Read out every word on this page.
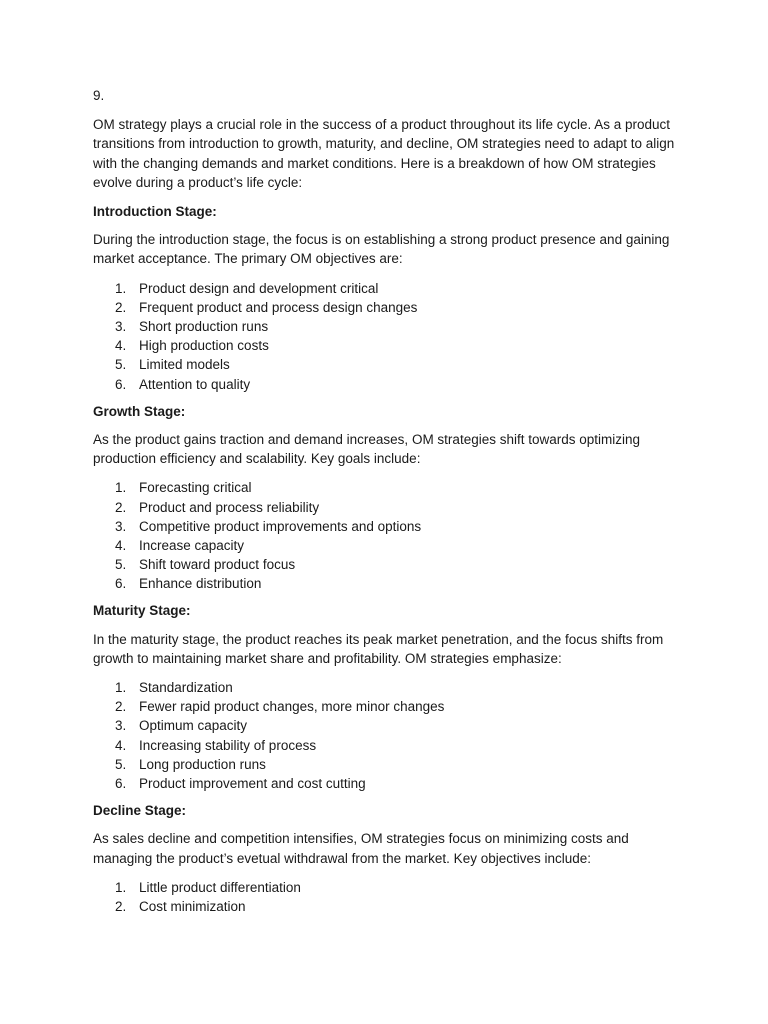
9.

OM strategy plays a crucial role in the success of a product throughout its life cycle. As a product transitions from introduction to growth, maturity, and decline, OM strategies need to adapt to align with the changing demands and market conditions. Here is a breakdown of how OM strategies evolve during a product’s life cycle:

Introduction Stage:

During the introduction stage, the focus is on establishing a strong product presence and gaining market acceptance. The primary OM objectives are:

1. Product design and development critical
2. Frequent product and process design changes
3. Short production runs
4. High production costs
5. Limited models
6. Attention to quality
Growth Stage:

As the product gains traction and demand increases, OM strategies shift towards optimizing production efficiency and scalability. Key goals include:

1. Forecasting critical
2. Product and process reliability
3. Competitive product improvements and options
4. Increase capacity
5. Shift toward product focus
6. Enhance distribution
Maturity Stage:

In the maturity stage, the product reaches its peak market penetration, and the focus shifts from growth to maintaining market share and profitability. OM strategies emphasize:

1. Standardization
2. Fewer rapid product changes, more minor changes
3. Optimum capacity
4. Increasing stability of process
5. Long production runs
6. Product improvement and cost cutting
Decline Stage:

As sales decline and competition intensifies, OM strategies focus on minimizing costs and managing the product’s evetual withdrawal from the market. Key objectives include:

1. Little product differentiation
2. Cost minimization
